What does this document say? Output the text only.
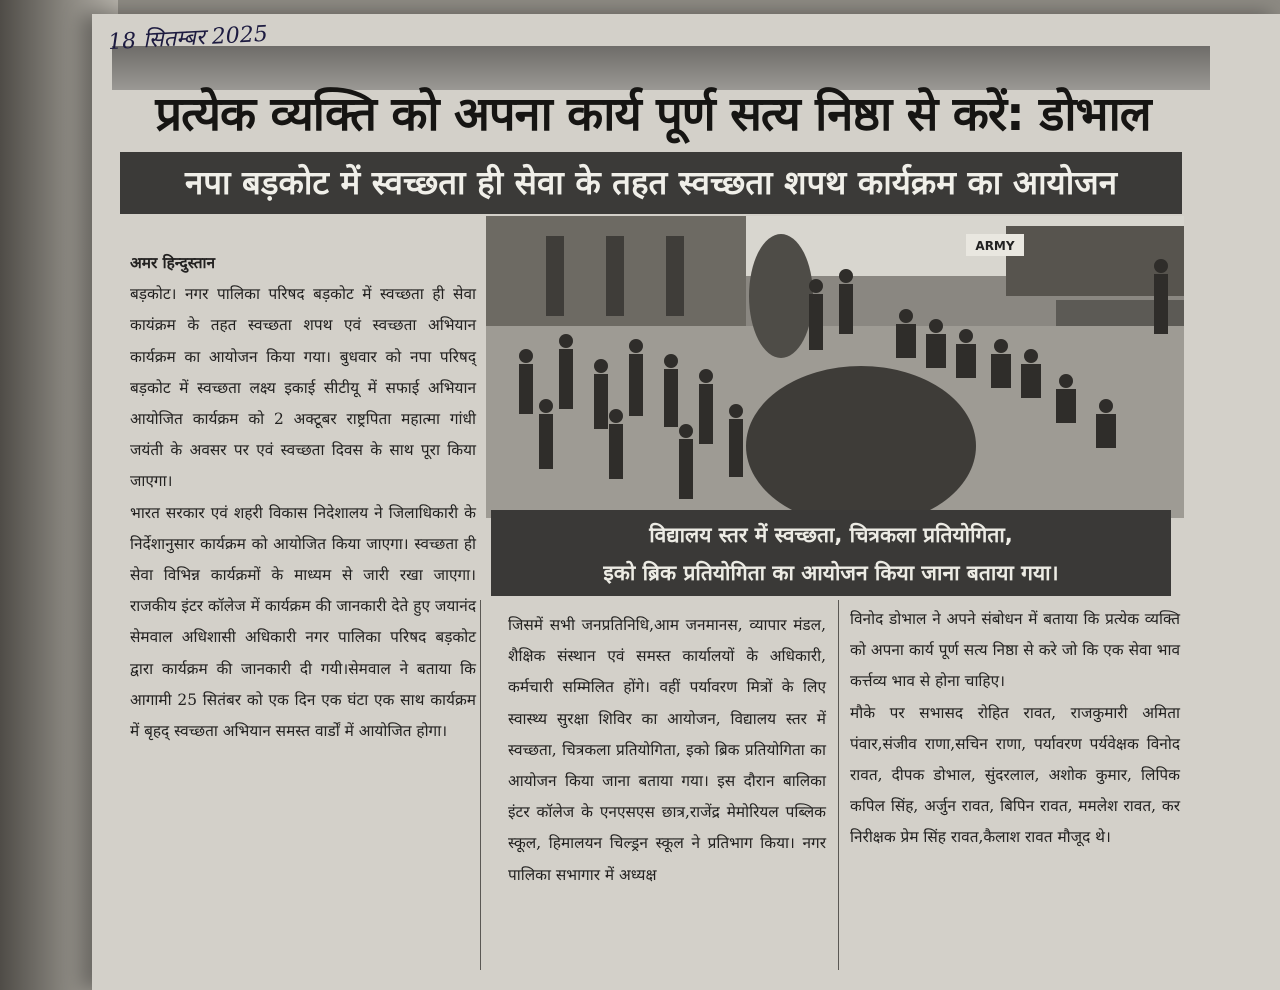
18 सितम्बर 2025
प्रत्येक व्यक्ति को अपना कार्य पूर्ण सत्य निष्ठा से करें: डोभाल
नपा बड़कोट में स्वच्छता ही सेवा के तहत स्वच्छता शपथ कार्यक्रम का आयोजन
ARMY
विद्यालय स्तर में स्वच्छता, चित्रकला प्रतियोगिता,
इको ब्रिक प्रतियोगिता का आयोजन किया जाना बताया गया।

अमर हिन्दुस्तान

बड़कोट। नगर पालिका परिषद बड़कोट में स्वच्छता ही सेवा कायंक्रम के तहत स्वच्छता शपथ एवं स्वच्छता अभियान कार्यक्रम का आयोजन किया गया। बुधवार को नपा परिषद् बड़कोट में स्वच्छता लक्ष्य इकाई सीटीयू में सफाई अभियान आयोजित कार्यक्रम को 2 अक्टूबर राष्ट्रपिता महात्मा गांधी जयंती के अवसर पर एवं स्वच्छता दिवस के साथ पूरा किया जाएगा।

भारत सरकार एवं शहरी विकास निदेशालय ने जिलाधिकारी के निर्देशानुसार कार्यक्रम को आयोजित किया जाएगा। स्वच्छता ही सेवा विभिन्न कार्यक्रमों के माध्यम से जारी रखा जाएगा। राजकीय इंटर कॉलेज में कार्यक्रम की जानकारी देते हुए जयानंद सेमवाल अधिशासी अधिकारी नगर पालिका परिषद बड़कोट द्वारा कार्यक्रम की जानकारी दी गयी।सेमवाल ने बताया कि आगामी 25 सितंबर को एक दिन एक घंटा एक साथ कार्यक्रम में बृहद् स्वच्छता अभियान समस्त वार्डों में आयोजित होगा।

जिसमें सभी जनप्रतिनिधि,आम जनमानस, व्यापार मंडल, शैक्षिक संस्थान एवं समस्त कार्यालयों के अधिकारी, कर्मचारी सम्मिलित होंगे। वहीं पर्यावरण मित्रों के लिए स्वास्थ्य सुरक्षा शिविर का आयोजन, विद्यालय स्तर में स्वच्छता, चित्रकला प्रतियोगिता, इको ब्रिक प्रतियोगिता का आयोजन किया जाना बताया गया। इस दौरान बालिका इंटर कॉलेज के एनएसएस छात्र,राजेंद्र मेमोरियल पब्लिक स्कूल, हिमालयन चिल्ड्रन स्कूल ने प्रतिभाग किया। नगर पालिका सभागार में अध्यक्ष

विनोद डोभाल ने अपने संबोधन में बताया कि प्रत्येक व्यक्ति को अपना कार्य पूर्ण सत्य निष्ठा से करे जो कि एक सेवा भाव कर्त्तव्य भाव से होना चाहिए।

मौके पर सभासद रोहित रावत, राजकुमारी अमिता पंवार,संजीव राणा,सचिन राणा, पर्यावरण पर्यवेक्षक विनोद रावत, दीपक डोभाल, सुंदरलाल, अशोक कुमार, लिपिक कपिल सिंह, अर्जुन रावत, बिपिन रावत, ममलेश रावत, कर निरीक्षक प्रेम सिंह रावत,कैलाश रावत मौजूद थे।
